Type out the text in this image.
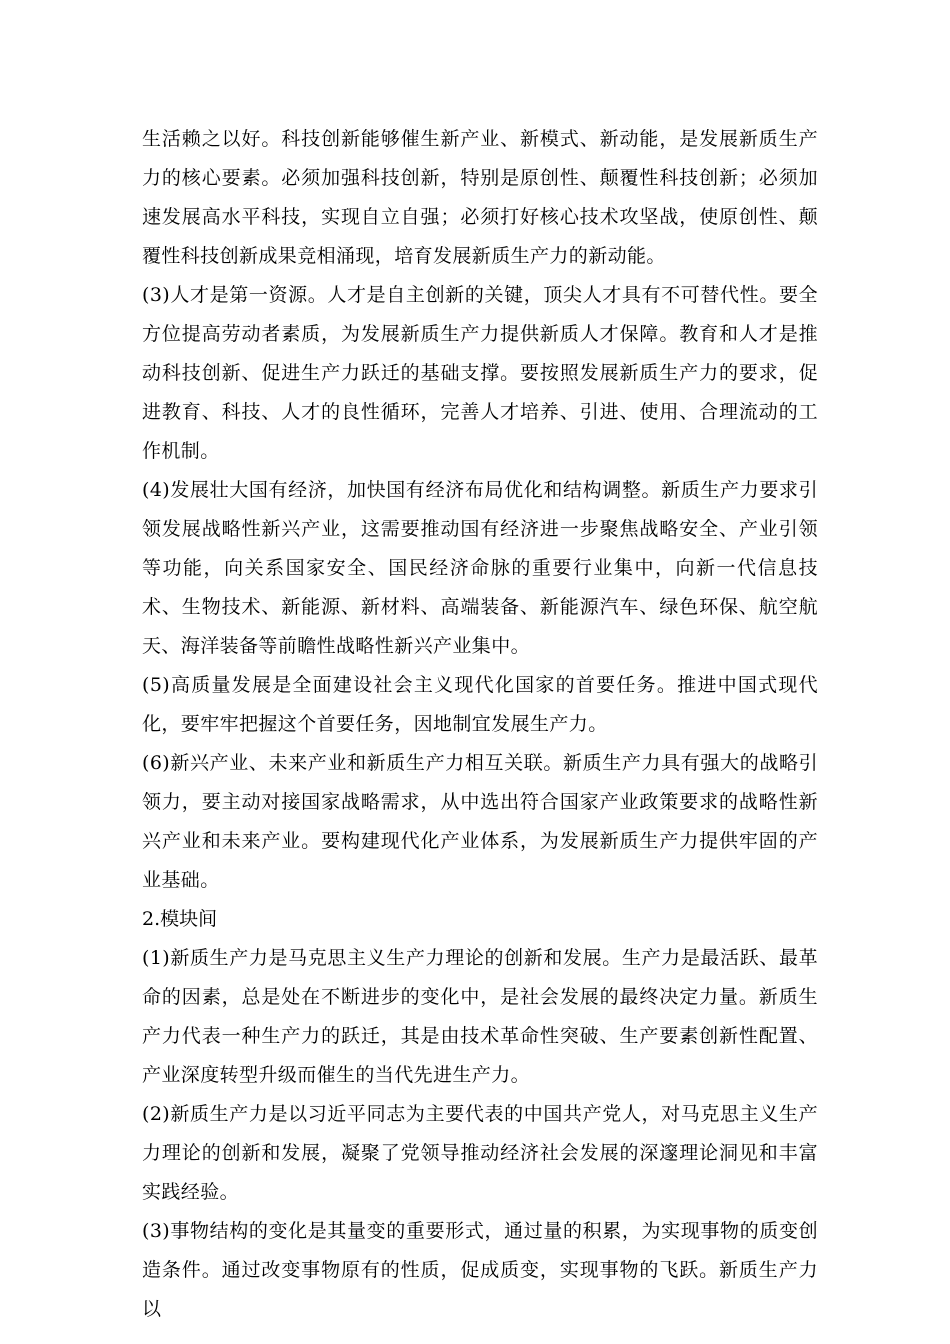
生活赖之以好。科技创新能够催生新产业、新模式、新动能，是发展新质生产力的核心要素。必须加强科技创新，特别是原创性、颠覆性科技创新；必须加速发展高水平科技，实现自立自强；必须打好核心技术攻坚战，使原创性、颠覆性科技创新成果竞相涌现，培育发展新质生产力的新动能。

(3)人才是第一资源。人才是自主创新的关键，顶尖人才具有不可替代性。要全方位提高劳动者素质，为发展新质生产力提供新质人才保障。教育和人才是推动科技创新、促进生产力跃迁的基础支撑。要按照发展新质生产力的要求，促进教育、科技、人才的良性循环，完善人才培养、引进、使用、合理流动的工作机制。

(4)发展壮大国有经济，加快国有经济布局优化和结构调整。新质生产力要求引领发展战略性新兴产业，这需要推动国有经济进一步聚焦战略安全、产业引领等功能，向关系国家安全、国民经济命脉的重要行业集中，向新一代信息技术、生物技术、新能源、新材料、高端装备、新能源汽车、绿色环保、航空航天、海洋装备等前瞻性战略性新兴产业集中。

(5)高质量发展是全面建设社会主义现代化国家的首要任务。推进中国式现代化，要牢牢把握这个首要任务，因地制宜发展生产力。

(6)新兴产业、未来产业和新质生产力相互关联。新质生产力具有强大的战略引领力，要主动对接国家战略需求，从中选出符合国家产业政策要求的战略性新兴产业和未来产业。要构建现代化产业体系，为发展新质生产力提供牢固的产业基础。

2.模块间

(1)新质生产力是马克思主义生产力理论的创新和发展。生产力是最活跃、最革命的因素，总是处在不断进步的变化中，是社会发展的最终决定力量。新质生产力代表一种生产力的跃迁，其是由技术革命性突破、生产要素创新性配置、产业深度转型升级而催生的当代先进生产力。

(2)新质生产力是以习近平同志为主要代表的中国共产党人，对马克思主义生产力理论的创新和发展，凝聚了党领导推动经济社会发展的深邃理论洞见和丰富实践经验。

(3)事物结构的变化是其量变的重要形式，通过量的积累，为实现事物的质变创造条件。通过改变事物原有的性质，促成质变，实现事物的飞跃。新质生产力以
